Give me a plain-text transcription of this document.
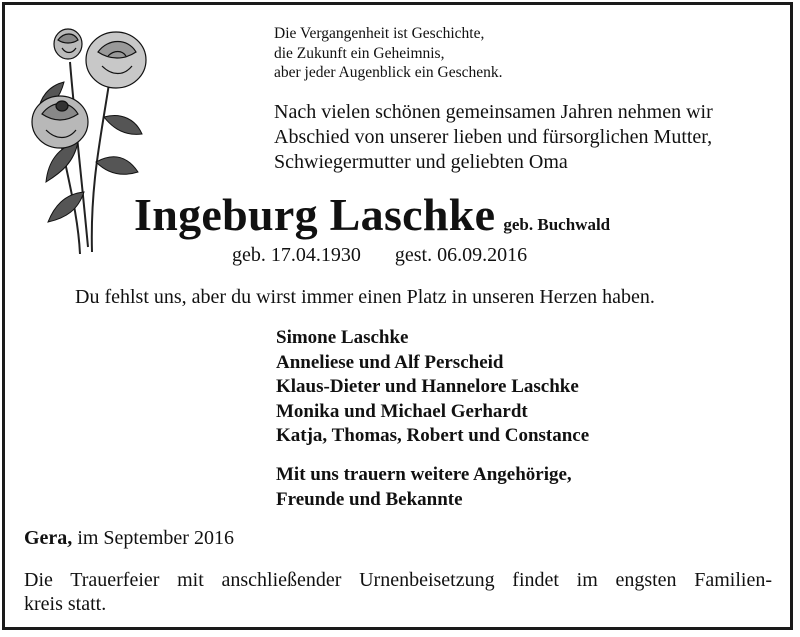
Die Vergangenheit ist Geschichte,
die Zukunft ein Geheimnis,
aber jeder Augenblick ein Geschenk.
Nach vielen schönen gemeinsamen Jahren nehmen wir
Abschied von unserer lieben und fürsorglichen Mutter,
Schwiegermutter und geliebten Oma
Ingeburg Laschke geb. Buchwald
geb. 17.04.1930 gest. 06.09.2016
Du fehlst uns, aber du wirst immer einen Platz in unseren Herzen haben.
Simone Laschke
Anneliese und Alf Perscheid
Klaus-Dieter und Hannelore Laschke
Monika und Michael Gerhardt
Katja, Thomas, Robert und Constance
Mit uns trauern weitere Angehörige,
Freunde und Bekannte
Gera, im September 2016
Die Trauerfeier mit anschließender Urnenbeisetzung findet im engsten Familien-
kreis statt.
